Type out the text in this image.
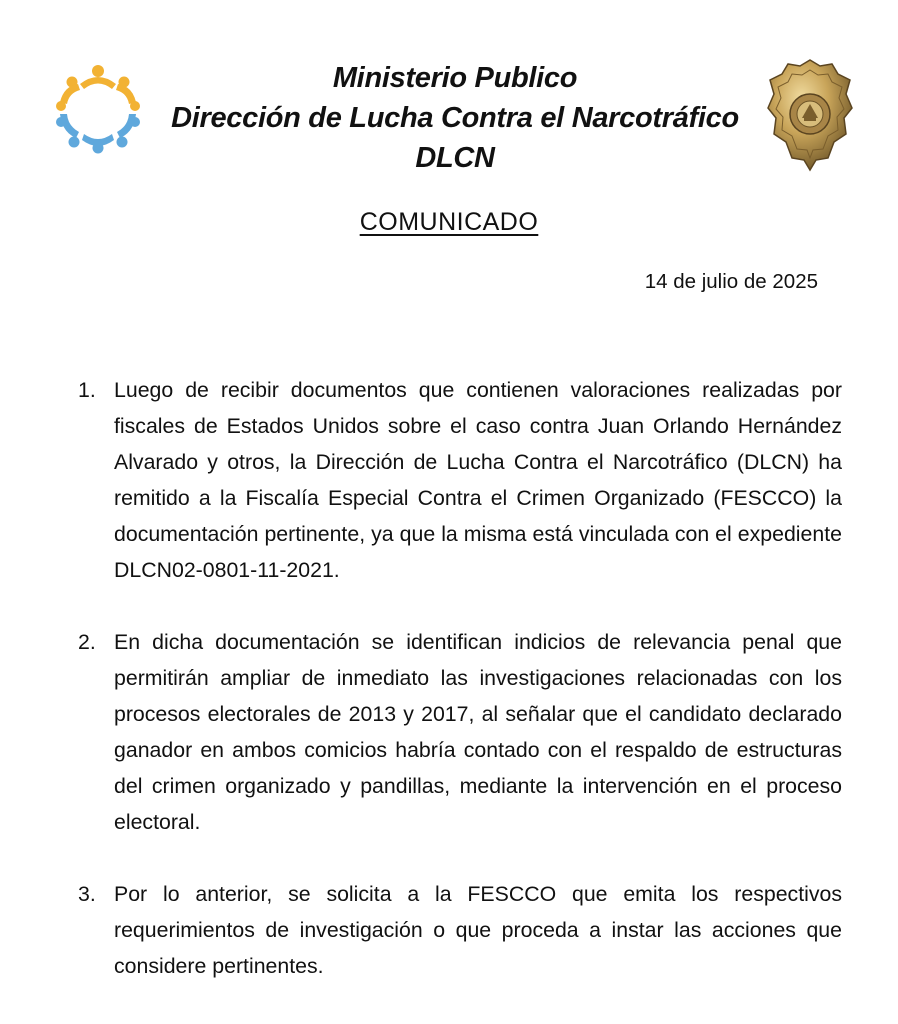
Ministerio Publico
Dirección de Lucha Contra el Narcotráfico
DLCN
COMUNICADO
14 de julio de 2025
1. Luego de recibir documentos que contienen valoraciones realizadas por fiscales de Estados Unidos sobre el caso contra Juan Orlando Hernández Alvarado y otros, la Dirección de Lucha Contra el Narcotráfico (DLCN) ha remitido a la Fiscalía Especial Contra el Crimen Organizado (FESCCO) la documentación pertinente, ya que la misma está vinculada con el expediente DLCN02-0801-11-2021.
2. En dicha documentación se identifican indicios de relevancia penal que permitirán ampliar de inmediato las investigaciones relacionadas con los procesos electorales de 2013 y 2017, al señalar que el candidato declarado ganador en ambos comicios habría contado con el respaldo de estructuras del crimen organizado y pandillas, mediante la intervención en el proceso electoral.
3. Por lo anterior, se solicita a la FESCCO que emita los respectivos requerimientos de investigación o que proceda a instar las acciones que considere pertinentes.
